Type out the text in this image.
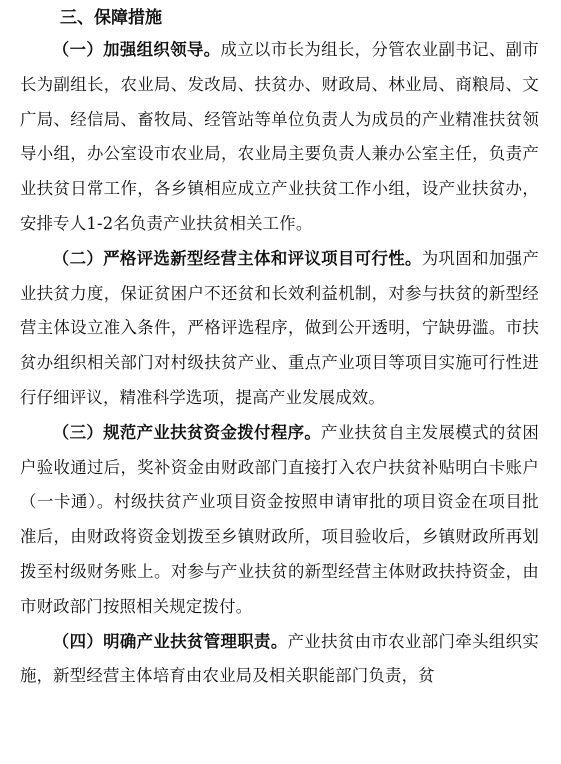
三、保障措施

（一）加强组织领导。成立以市长为组长，分管农业副书记、副市长为副组长，农业局、发改局、扶贫办、财政局、林业局、商粮局、文广局、经信局、畜牧局、经管站等单位负责人为成员的产业精准扶贫领导小组，办公室设市农业局，农业局主要负责人兼办公室主任，负责产业扶贫日常工作，各乡镇相应成立产业扶贫工作小组，设产业扶贫办，安排专人1-2名负责产业扶贫相关工作。

（二）严格评选新型经营主体和评议项目可行性。为巩固和加强产业扶贫力度，保证贫困户不还贫和长效利益机制，对参与扶贫的新型经营主体设立准入条件，严格评选程序，做到公开透明，宁缺毋滥。市扶贫办组织相关部门对村级扶贫产业、重点产业项目等项目实施可行性进行仔细评议，精准科学选项，提高产业发展成效。

（三）规范产业扶贫资金拨付程序。产业扶贫自主发展模式的贫困户验收通过后，奖补资金由财政部门直接打入农户扶贫补贴明白卡账户（一卡通）。村级扶贫产业项目资金按照申请审批的项目资金在项目批准后，由财政将资金划拨至乡镇财政所，项目验收后，乡镇财政所再划拨至村级财务账上。对参与产业扶贫的新型经营主体财政扶持资金，由市财政部门按照相关规定拨付。

（四）明确产业扶贫管理职责。产业扶贫由市农业部门牵头组织实施，新型经营主体培育由农业局及相关职能部门负责，贫
